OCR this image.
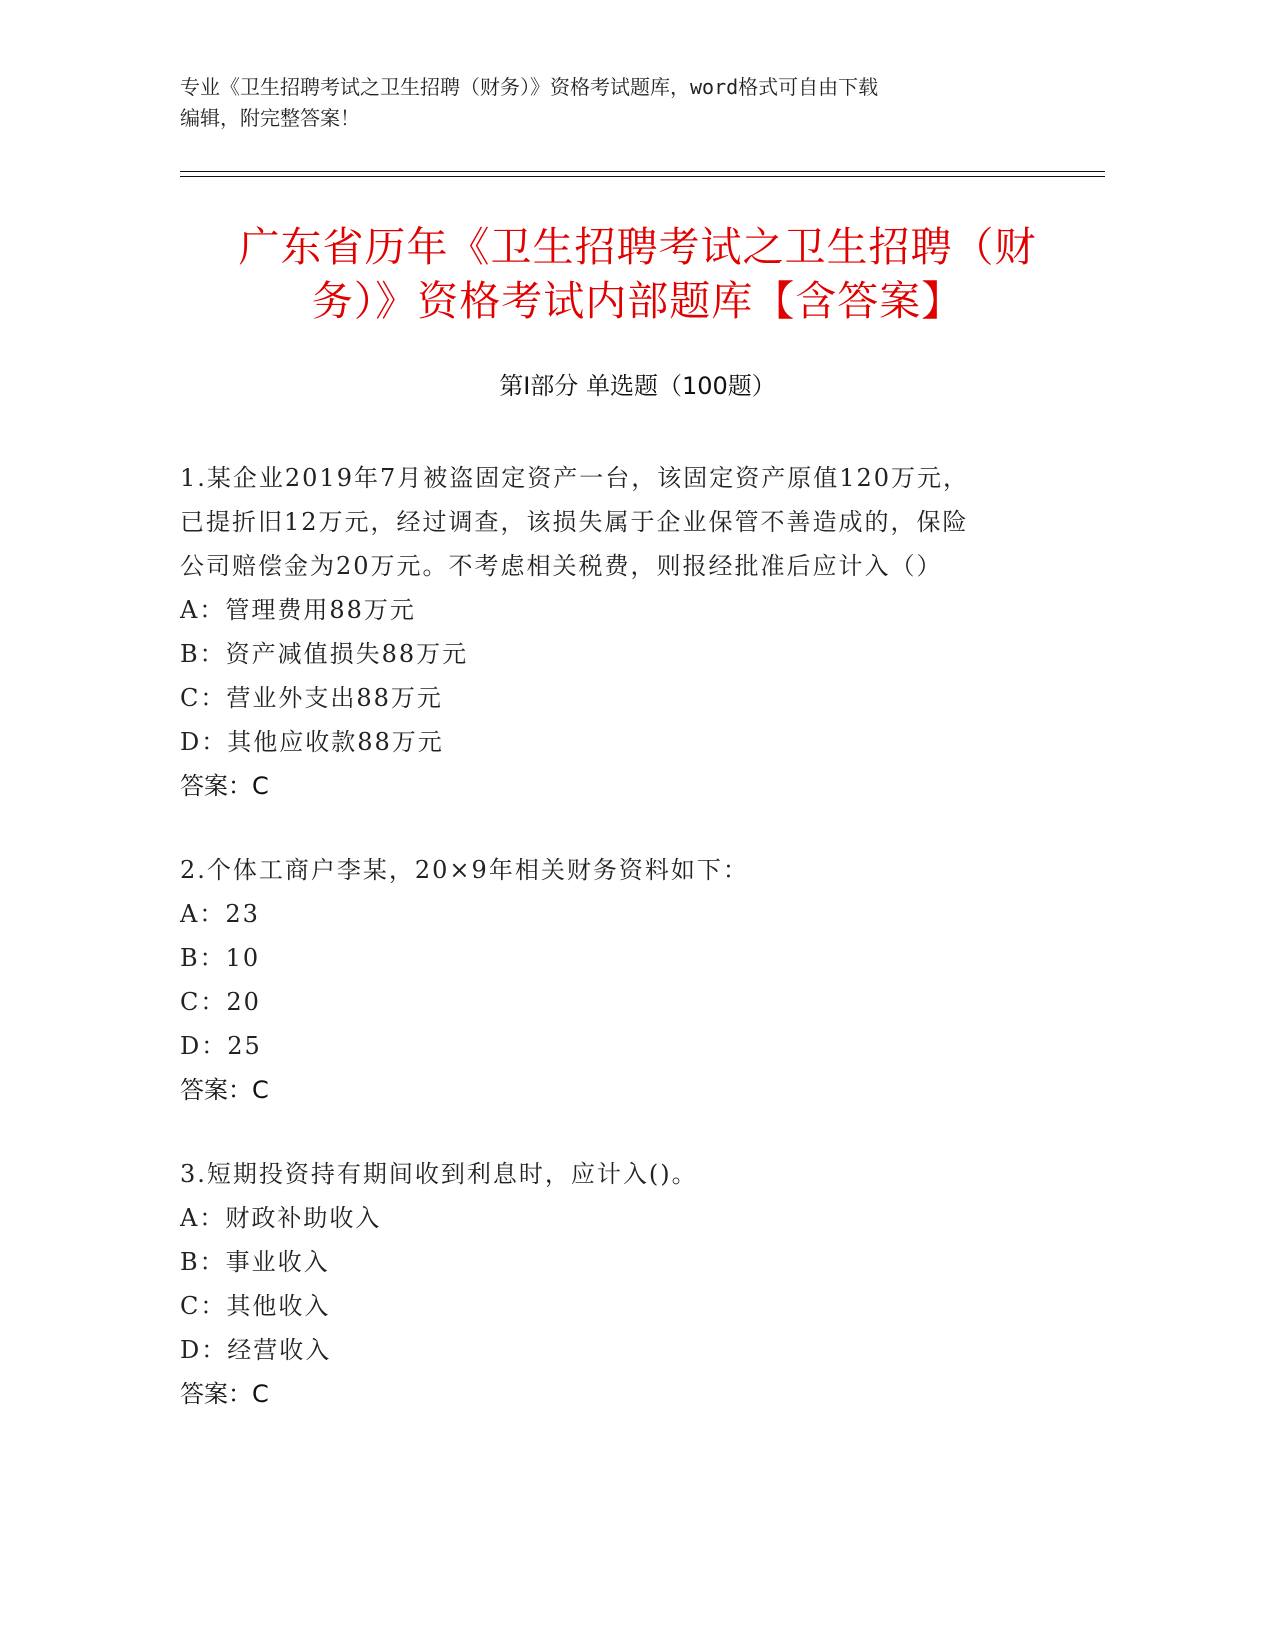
专业《卫生招聘考试之卫生招聘（财务）》资格考试题库，word格式可自由下载
编辑，附完整答案！
广东省历年《卫生招聘考试之卫生招聘（财
务）》资格考试内部题库【含答案】
第Ⅰ部分 单选题（100题）
1.某企业2019年7月被盗固定资产一台，该固定资产原值120万元，
已提折旧12万元，经过调查，该损失属于企业保管不善造成的，保险
公司赔偿金为20万元。不考虑相关税费，则报经批准后应计入（）
A：管理费用88万元
B：资产减值损失88万元
C：营业外支出88万元
D：其他应收款88万元
答案：C
2.个体工商户李某，20×9年相关财务资料如下：
A：23
B：10
C：20
D：25
答案：C
3.短期投资持有期间收到利息时，应计入()。
A：财政补助收入
B：事业收入
C：其他收入
D：经营收入
答案：C
